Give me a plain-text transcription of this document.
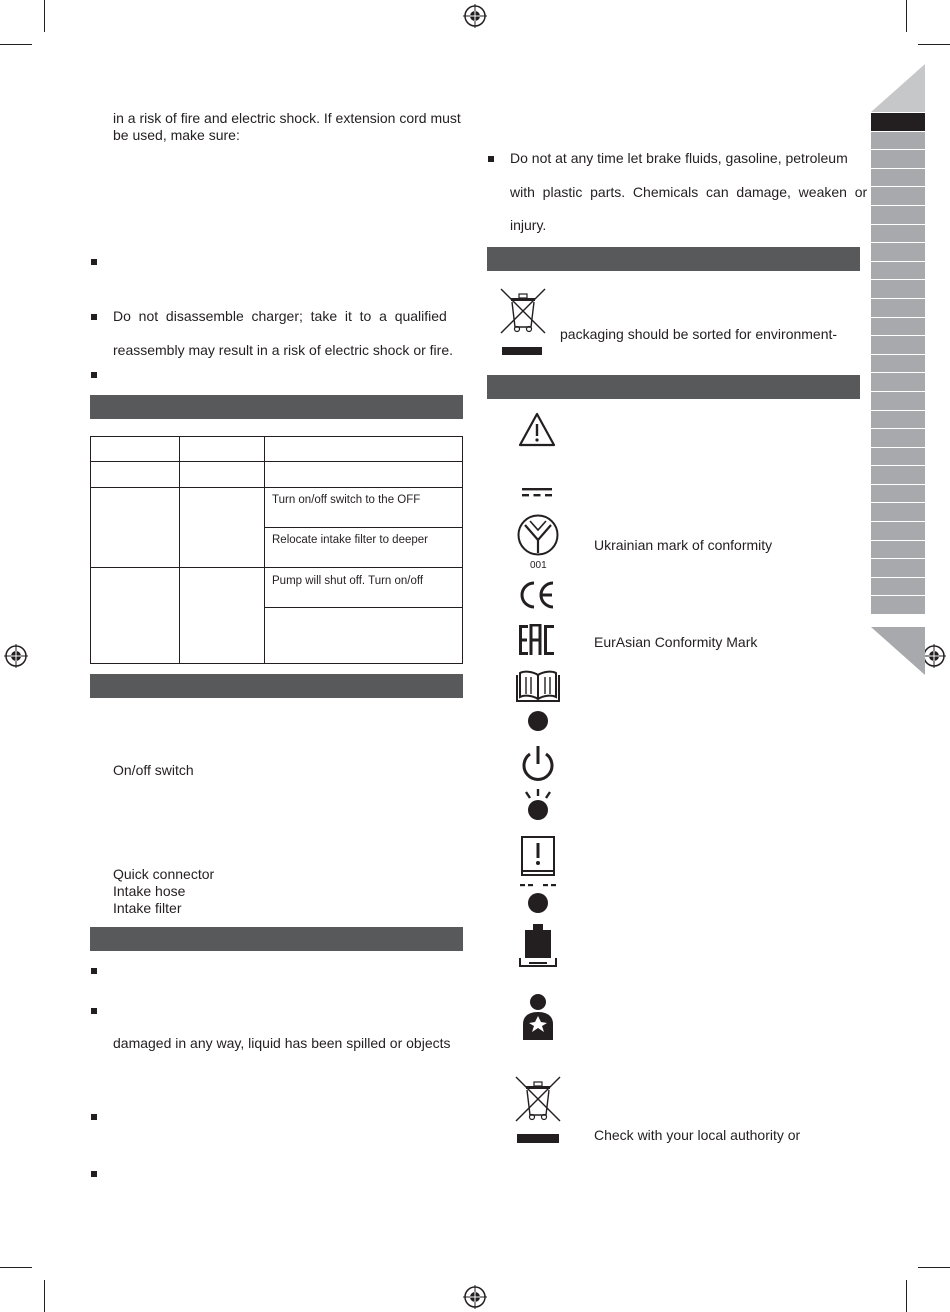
in a risk of fire and electric shock. If extension cord must
be used, make sure:
Do  not  disassemble  charger;  take  it  to  a  qualified
reassembly may result in a risk of electric shock or fire.
Turn on/off switch to the OFF
Relocate intake filter to deeper
Pump will shut off. Turn on/off
On/off switch
Quick connector
Intake hose
Intake filter
damaged in any way, liquid has been spilled or objects
Do not at any time let brake fluids, gasoline, petroleum
with  plastic  parts.  Chemicals  can  damage,  weaken  or
injury.
packaging should be sorted for environment-
001
Ukrainian mark of conformity
EurAsian Conformity Mark
Check with your local authority or
